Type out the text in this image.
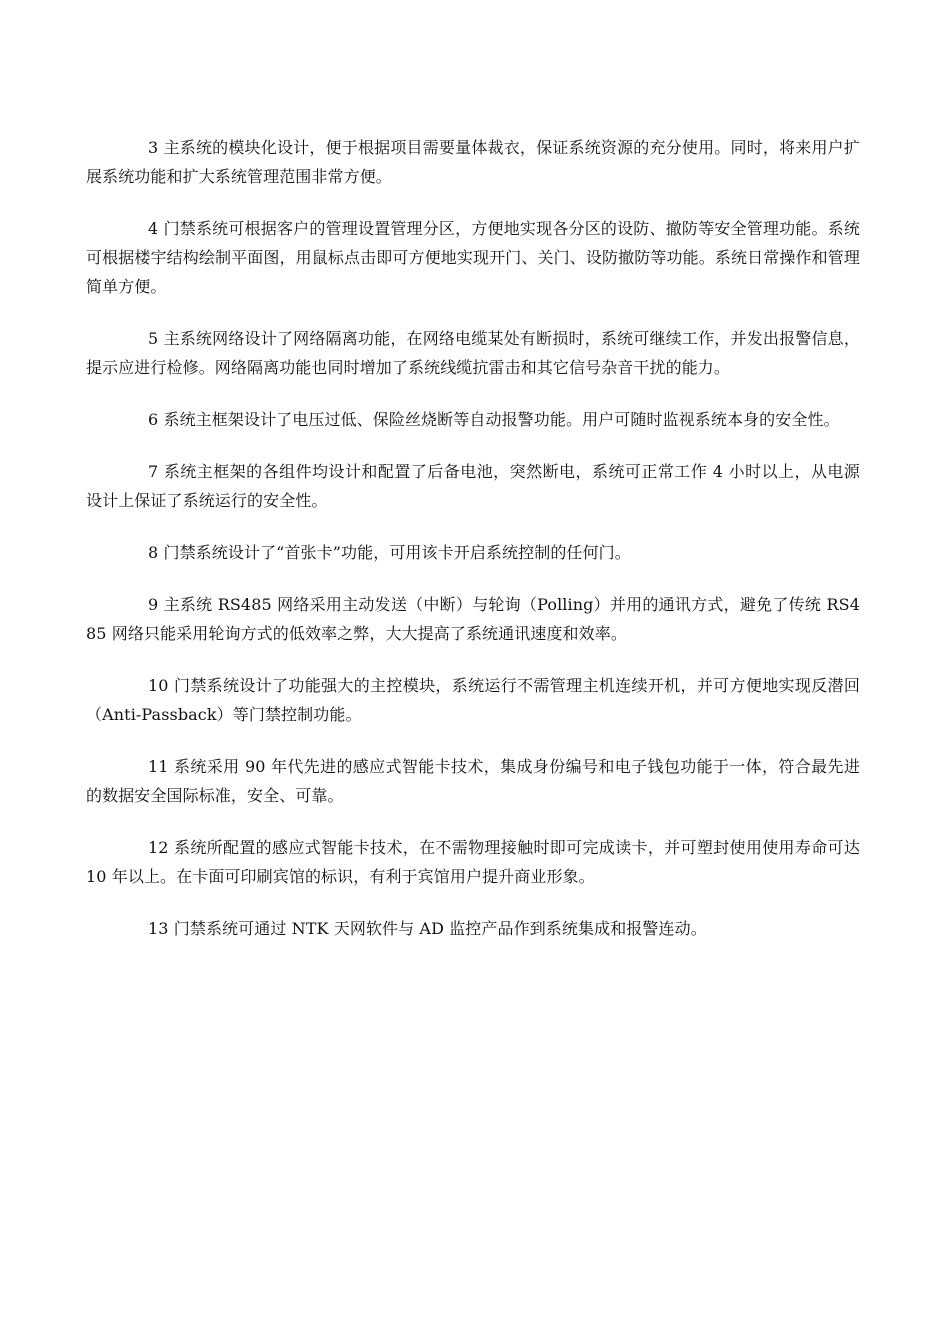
3 主系统的模块化设计，便于根据项目需要量体裁衣，保证系统资源的充分使用。同时，将来用户扩展系统功能和扩大系统管理范围非常方便。

4 门禁系统可根据客户的管理设置管理分区，方便地实现各分区的设防、撤防等安全管理功能。系统可根据楼宇结构绘制平面图，用鼠标点击即可方便地实现开门、关门、设防撤防等功能。系统日常操作和管理简单方便。

5 主系统网络设计了网络隔离功能，在网络电缆某处有断损时，系统可继续工作，并发出报警信息，提示应进行检修。网络隔离功能也同时增加了系统线缆抗雷击和其它信号杂音干扰的能力。

6 系统主框架设计了电压过低、保险丝烧断等自动报警功能。用户可随时监视系统本身的安全性。

7 系统主框架的各组件均设计和配置了后备电池，突然断电，系统可正常工作 4 小时以上，从电源设计上保证了系统运行的安全性。

8 门禁系统设计了“首张卡”功能，可用该卡开启系统控制的任何门。

9 主系统 RS485 网络采用主动发送（中断）与轮询（Polling）并用的通讯方式，避免了传统 RS485 网络只能采用轮询方式的低效率之弊，大大提高了系统通讯速度和效率。

10 门禁系统设计了功能强大的主控模块，系统运行不需管理主机连续开机，并可方便地实现反潜回（Anti-Passback）等门禁控制功能。

11 系统采用 90 年代先进的感应式智能卡技术，集成身份编号和电子钱包功能于一体，符合最先进的数据安全国际标准，安全、可靠。

12 系统所配置的感应式智能卡技术，在不需物理接触时即可完成读卡，并可塑封使用使用寿命可达 10 年以上。在卡面可印刷宾馆的标识，有利于宾馆用户提升商业形象。

13 门禁系统可通过 NTK 天网软件与 AD 监控产品作到系统集成和报警连动。
